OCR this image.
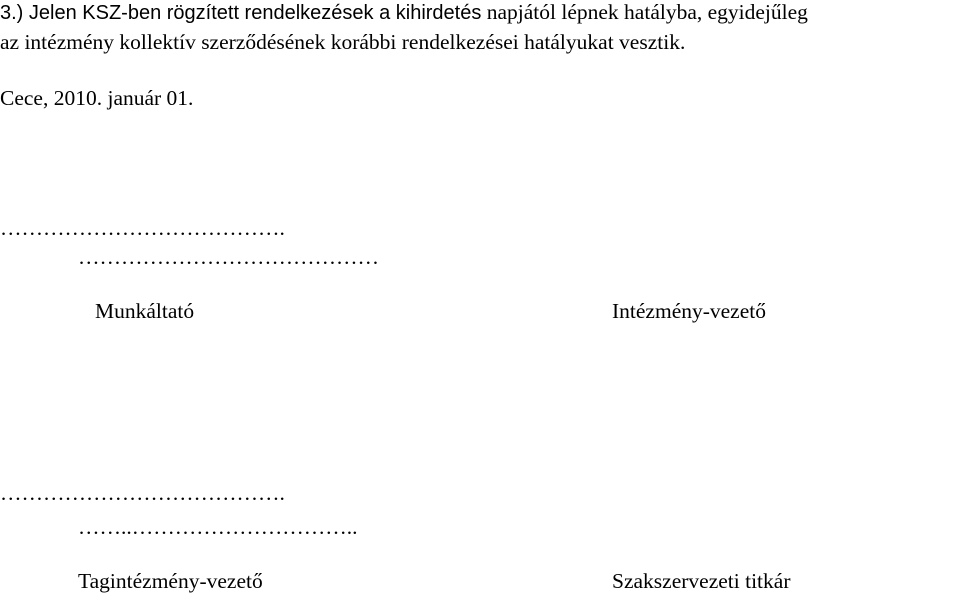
3.) Jelen KSZ-ben rögzített rendelkezések a kihirdetés napjától lépnek hatályba, egyidejűleg
az intézmény kollektív szerződésének korábbi rendelkezései hatályukat vesztik.
Cece, 2010. január 01.
………………………………….
……………………………………
Munkáltató	Intézmény-vezető
………………………………….
……..…………………………..
Tagintézmény-vezető	Szakszervezeti titkár
